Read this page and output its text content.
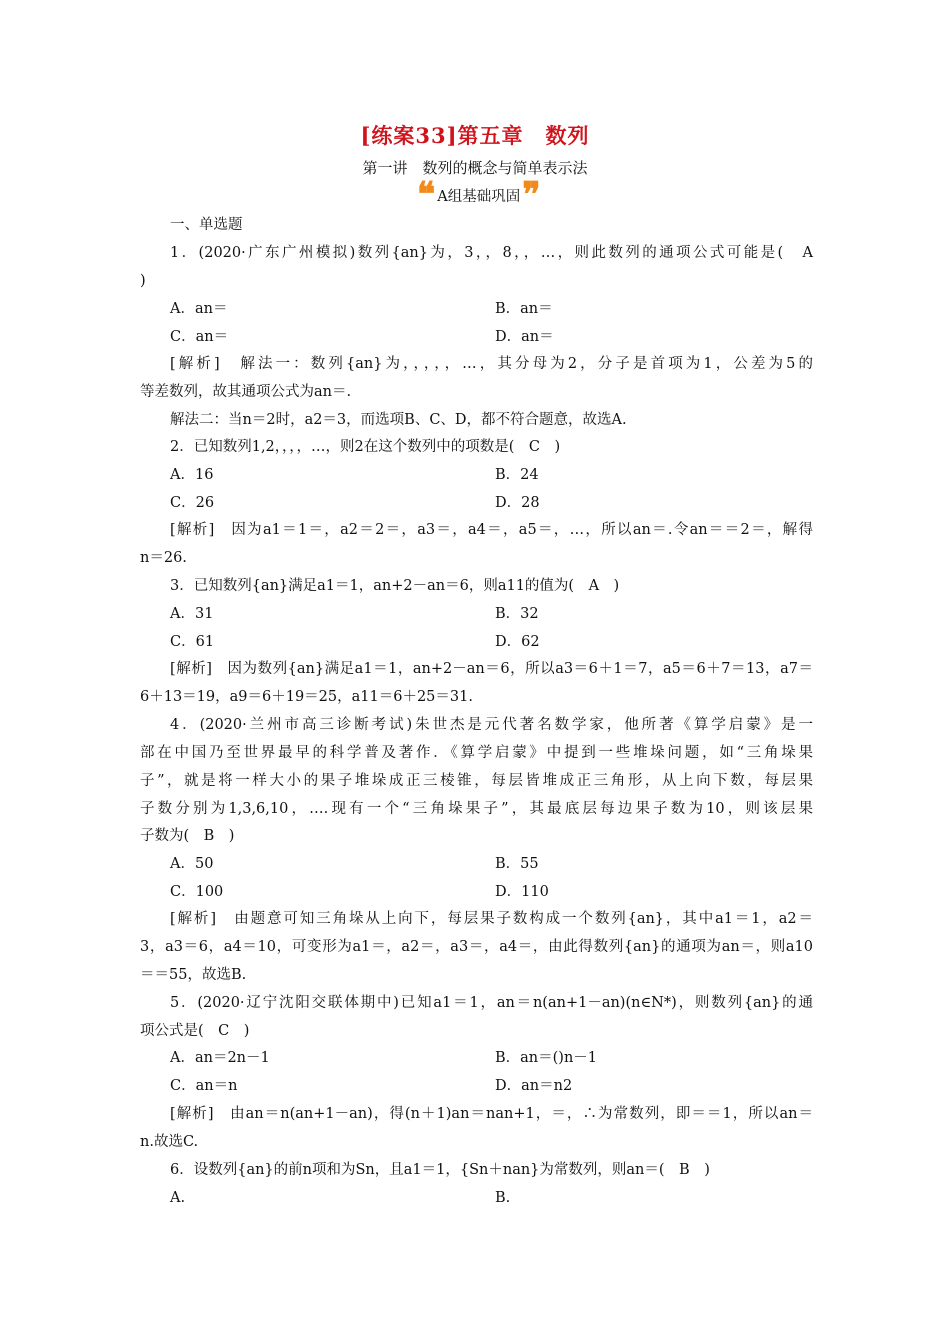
[练案33]第五章　数列
第一讲　数列的概念与简单表示法
❝ A组基础巩固 ❞
一、单选题
1．(2020·广东广州模拟)数列{an}为，3，，8，，…，则此数列的通项公式可能是(　A
)
A．an＝	B．an＝
C．an＝	D．an＝
[解析]　解法一：数列{an}为，，，，，…，其分母为2，分子是首项为1，公差为5的
等差数列，故其通项公式为an＝.
解法二：当n＝2时，a2＝3，而选项B、C、D，都不符合题意，故选A.
2．已知数列1,2，，，，…，则2在这个数列中的项数是(　C　)
A．16	B．24
C．26	D．28
[解析]　因为a1＝1＝，a2＝2＝，a3＝，a4＝，a5＝，…，所以an＝.令an＝＝2＝，解得
n＝26.
3．已知数列{an}满足a1＝1，an+2－an＝6，则a11的值为(　A　)
A．31	B．32
C．61	D．62
[解析]　因为数列{an}满足a1＝1，an+2－an＝6，所以a3＝6＋1＝7，a5＝6＋7＝13，a7＝
6＋13＝19，a9＝6＋19＝25，a11＝6＋25＝31.
4．(2020·兰州市高三诊断考试)朱世杰是元代著名数学家，他所著《算学启蒙》是一
部在中国乃至世界最早的科学普及著作．《算学启蒙》中提到一些堆垛问题，如“三角垛果
子”，就是将一样大小的果子堆垛成正三棱锥，每层皆堆成正三角形，从上向下数，每层果
子数分别为1,3,6,10，….现有一个“三角垛果子”，其最底层每边果子数为10，则该层果
子数为(　B　)
A．50	B．55
C．100	D．110
[解析]　由题意可知三角垛从上向下，每层果子数构成一个数列{an}，其中a1＝1，a2＝
3，a3＝6，a4＝10，可变形为a1＝，a2＝，a3＝，a4＝，由此得数列{an}的通项为an＝，则a10
＝＝55，故选B.
5．(2020·辽宁沈阳交联体期中)已知a1＝1，an＝n(an+1－an)(n∈N*)，则数列{an}的通
项公式是(　C　)
A．an＝2n－1	B．an＝()n－1
C．an＝n	D．an＝n2
[解析]　由an＝n(an+1－an)，得(n＋1)an＝nan+1，＝，∴为常数列，即＝＝1，所以an＝
n.故选C.
6．设数列{an}的前n项和为Sn，且a1＝1，{Sn＋nan}为常数列，则an＝(　B　)
A.	B.
